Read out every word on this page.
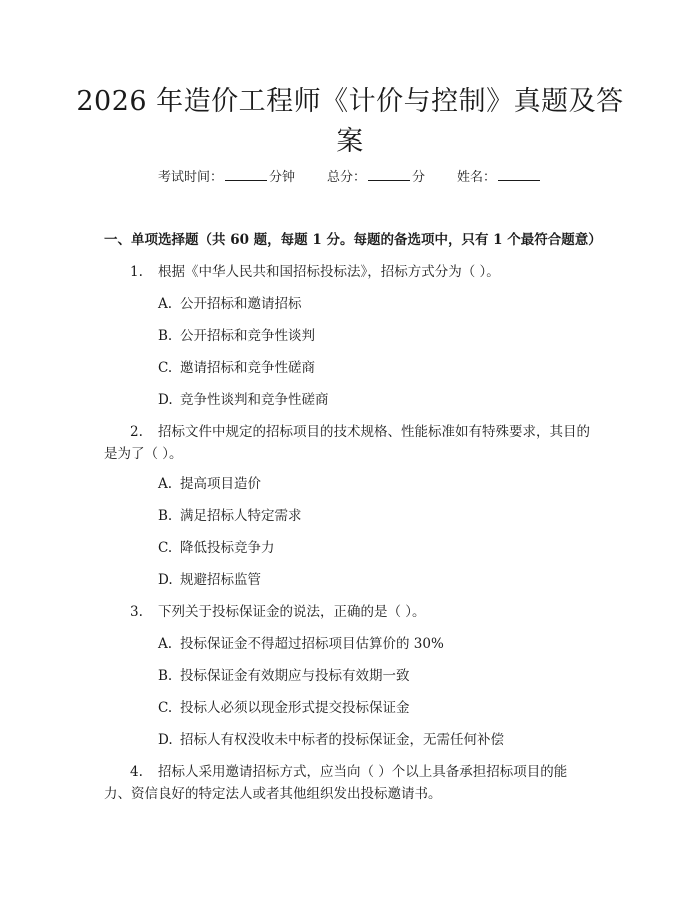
2026 年造价工程师《计价与控制》真题及答
案
考试时间：	分钟 总分：	分 姓名：
一、单项选择题（共 60 题，每题 1 分。每题的备选项中，只有 1 个最符合题意）
1. 根据《中华人民共和国招标投标法》，招标方式分为（ ）。
A. 公开招标和邀请招标
B. 公开招标和竞争性谈判
C. 邀请招标和竞争性磋商
D. 竞争性谈判和竞争性磋商
2. 招标文件中规定的招标项目的技术规格、性能标准如有特殊要求，其目的
是为了（ ）。
A. 提高项目造价
B. 满足招标人特定需求
C. 降低投标竞争力
D. 规避招标监管
3. 下列关于投标保证金的说法，正确的是（ ）。
A. 投标保证金不得超过招标项目估算价的 30%
B. 投标保证金有效期应与投标有效期一致
C. 投标人必须以现金形式提交投标保证金
D. 招标人有权没收未中标者的投标保证金，无需任何补偿
4. 招标人采用邀请招标方式，应当向（ ）个以上具备承担招标项目的能
力、资信良好的特定法人或者其他组织发出投标邀请书。
